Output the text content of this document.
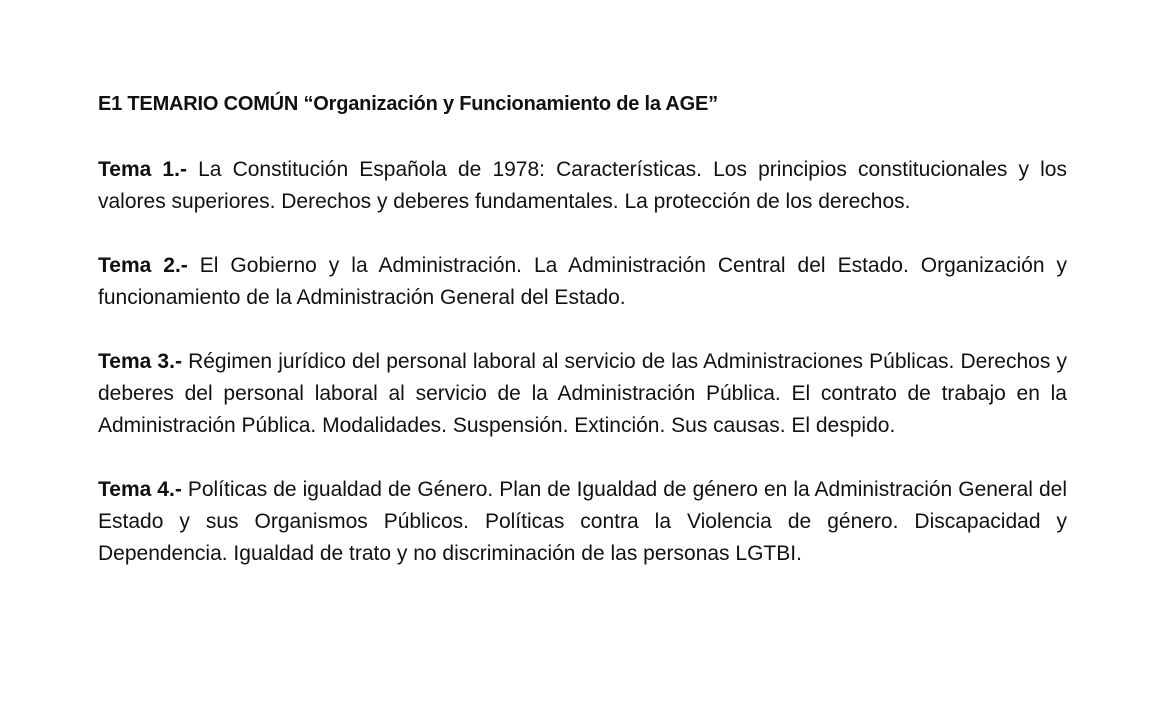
E1 TEMARIO COMÚN “Organización y Funcionamiento de la AGE”

Tema 1.- La Constitución Española de 1978: Características. Los principios constitucionales y los valores superiores. Derechos y deberes fundamentales. La protección de los derechos.

Tema 2.- El Gobierno y la Administración. La Administración Central del Estado. Organización y funcionamiento de la Administración General del Estado.

Tema 3.- Régimen jurídico del personal laboral al servicio de las Administraciones Públicas. Derechos y deberes del personal laboral al servicio de la Administración Pública. El contrato de trabajo en la Administración Pública. Modalidades. Suspensión. Extinción. Sus causas. El despido.

Tema 4.- Políticas de igualdad de Género. Plan de Igualdad de género en la Administración General del Estado y sus Organismos Públicos. Políticas contra la Violencia de género. Discapacidad y Dependencia. Igualdad de trato y no discriminación de las personas LGTBI.
